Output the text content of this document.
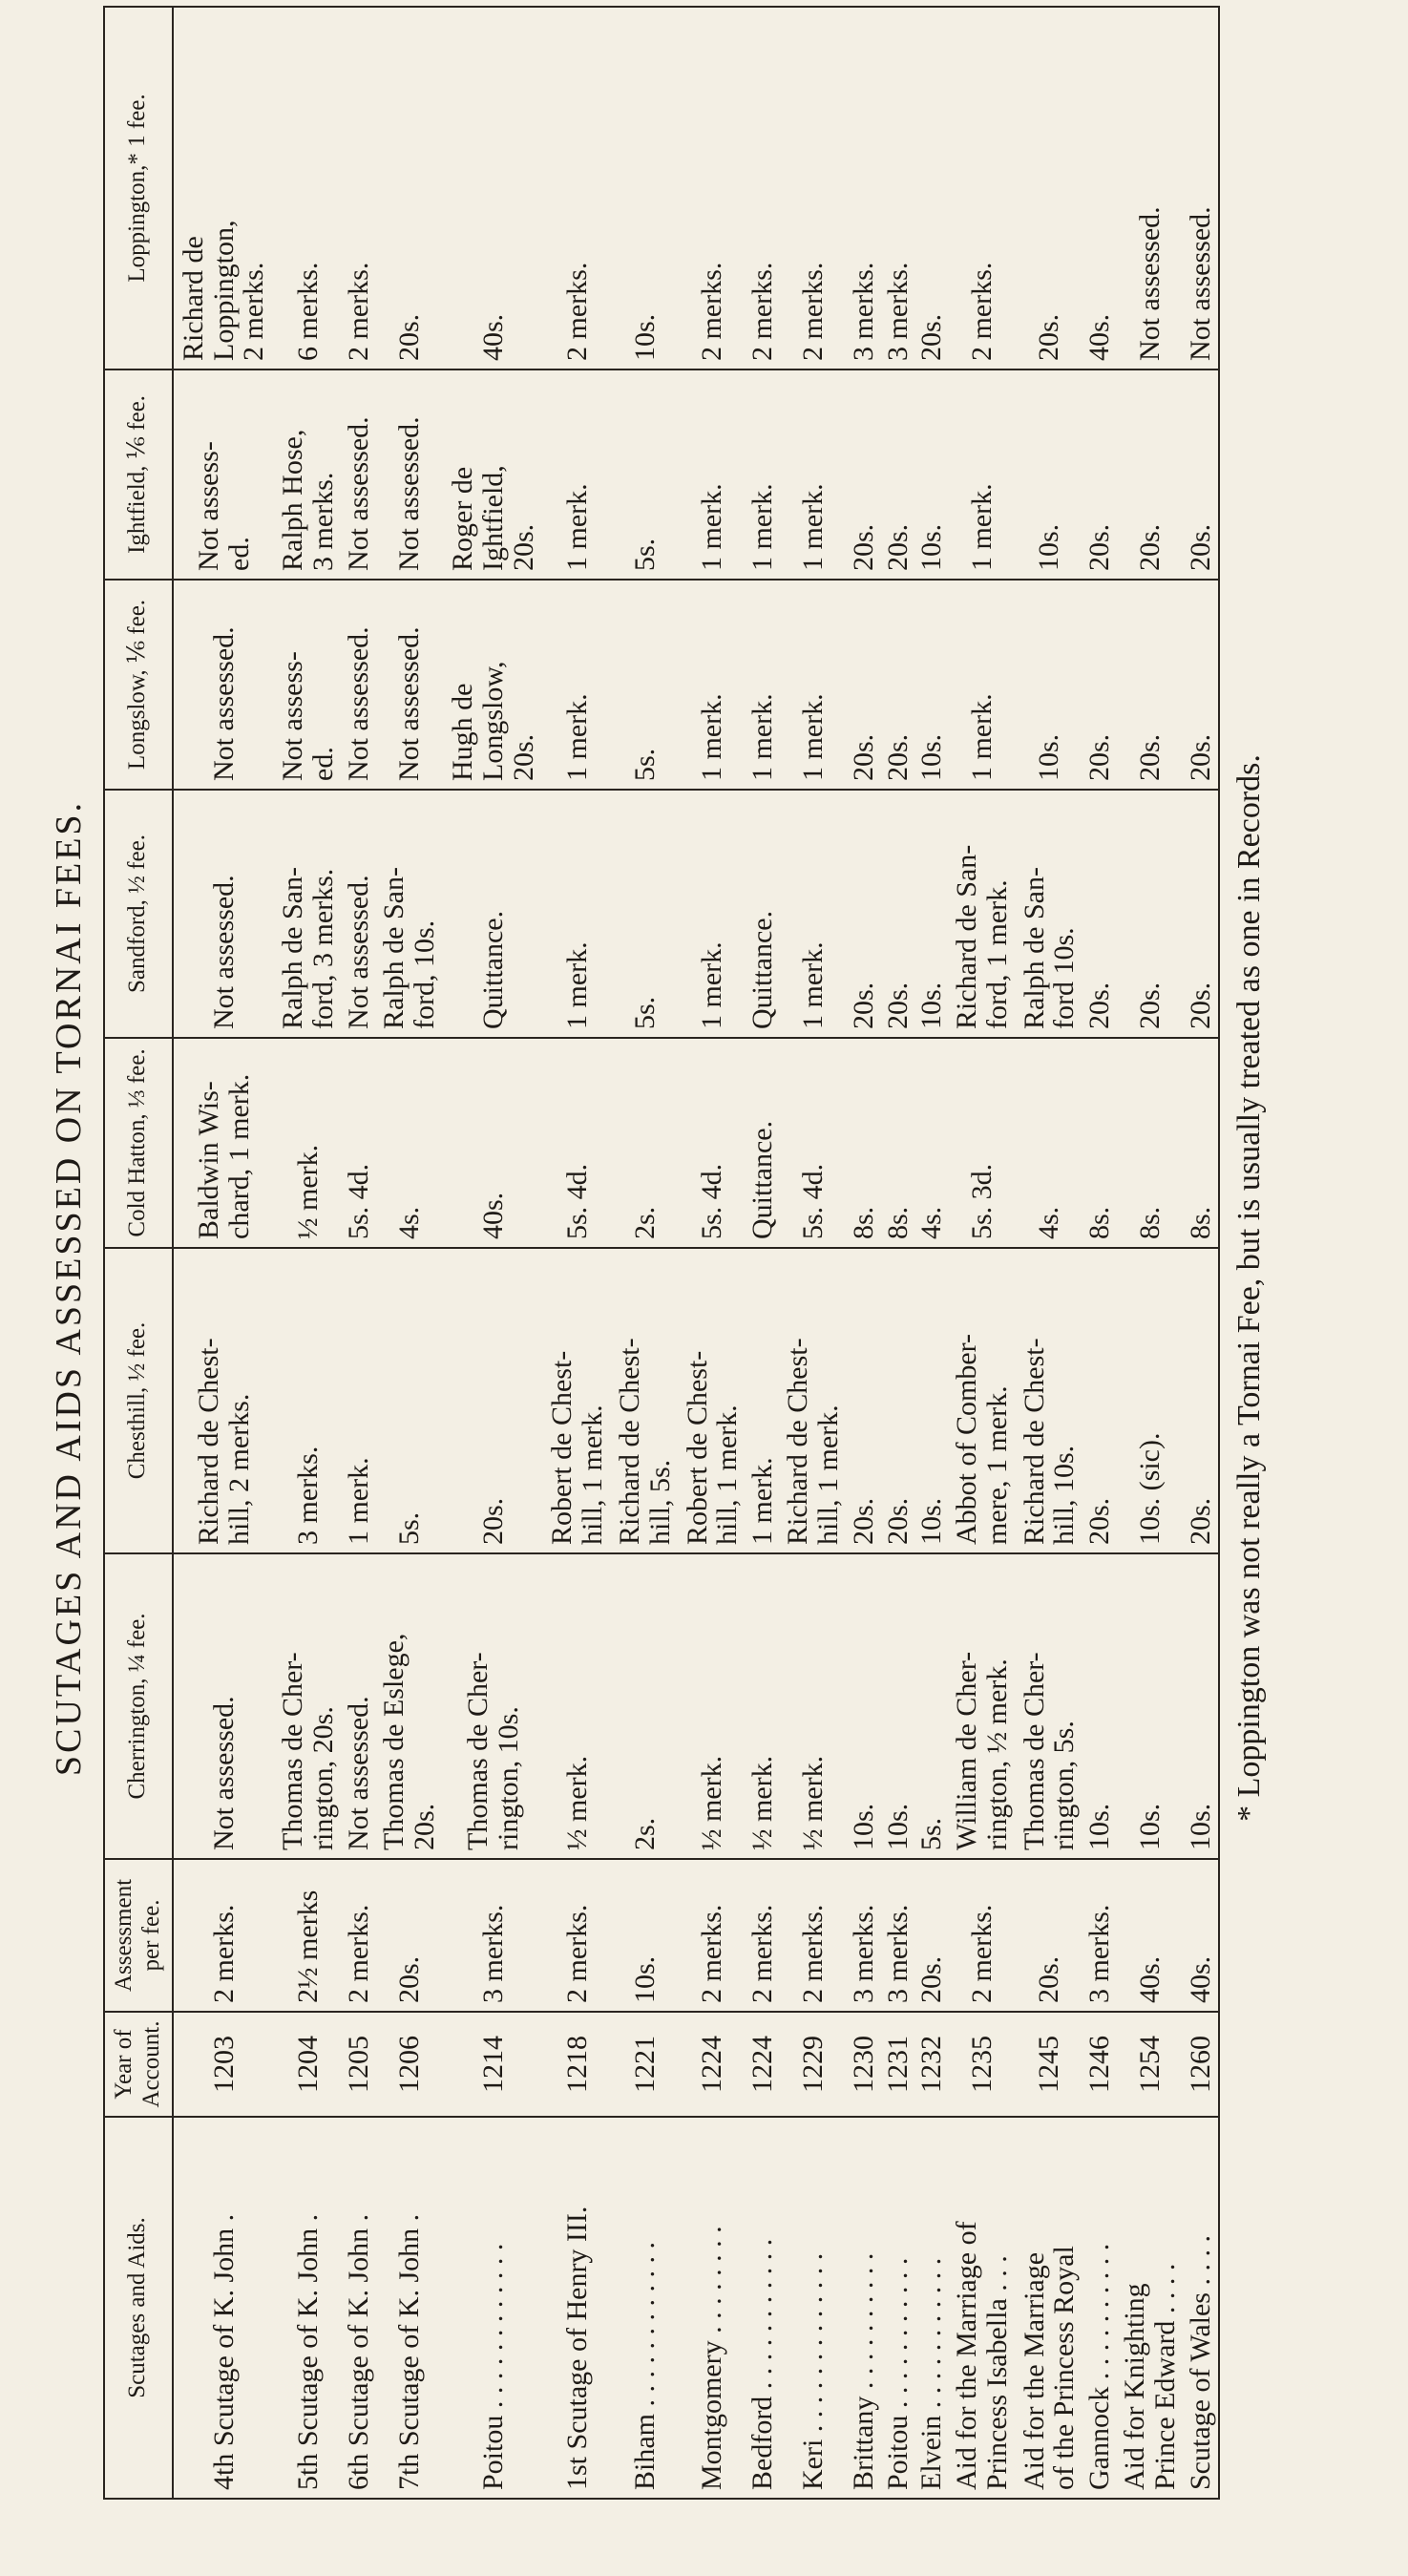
SCUTAGES AND AIDS ASSESSED ON TORNAI FEES.
Scutages and Aids.	Year of Account.	Assessment per fee.	Cherrington, ¼ fee.	Chesthill, ½ fee.	Cold Hatton, ⅓ fee.	Sandford, ½ fee.	Longslow, ⅙ fee.	Ightfield, ⅙ fee.	Loppington,* 1 fee.
4th Scutage of K. John .	1203	2 merks.	Not assessed.	Richard de Chest-
hill, 2 merks.	Baldwin Wis-
chard, 1 merk.	Not assessed.	Not assessed.	Not assess-
ed.	Richard de
Loppington,
2 merks.
5th Scutage of K. John .	1204	2½ merks	Thomas de Cher-
rington, 20s.	3 merks.	½ merk.	Ralph de San-
ford, 3 merks.	Not assess-
ed.	Ralph Hose,
3 merks.	6 merks.
6th Scutage of K. John .	1205	2 merks.	Not assessed.	1 merk.	5s. 4d.	Not assessed.	Not assessed.	Not assessed.	2 merks.
7th Scutage of K. John .	1206	20s.	Thomas de Eslege,
20s.	5s.	4s.	Ralph de San-
ford, 10s.	Not assessed.	Not assessed.	20s.
Poitou . . . . . . . . . . . .	1214	3 merks.	Thomas de Cher-
rington, 10s.	20s.	40s.	Quittance.	Hugh de
Longslow,
20s.	Roger de
Ightfield,
20s.	40s.
1st Scutage of Henry III.	1218	2 merks.	½ merk.	Robert de Chest-
hill, 1 merk.	5s. 4d.	1 merk.	1 merk.	1 merk.	2 merks.
Biham . . . . . . . . . . . .	1221	10s.	2s.	Richard de Chest-
hill, 5s.	2s.	5s.	5s.	5s.	10s.
Montgomery . . . . . . . .	1224	2 merks.	½ merk.	Robert de Chest-
hill, 1 merk.	5s. 4d.	1 merk.	1 merk.	1 merk.	2 merks.
Bedford . . . . . . . . . . .	1224	2 merks.	½ merk.	1 merk.	Quittance.	Quittance.	1 merk.	1 merk.	2 merks.
Keri . . . . . . . . . . . . .	1229	2 merks.	½ merk.	Richard de Chest-
hill, 1 merk.	5s. 4d.	1 merk.	1 merk.	1 merk.	2 merks.
Brittany . . . . . . . . . .	1230	3 merks.	10s.	20s.	8s.	20s.	20s.	20s.	3 merks.
Poitou . . . . . . . . . . .	1231	3 merks.	10s.	20s.	8s.	20s.	20s.	20s.	3 merks.
Elvein . . . . . . . . . . .	1232	20s.	5s.	10s.	4s.	10s.	10s.	10s.	20s.
Aid for the Marriage of
Princess Isabella . . .	1235	2 merks.	William de Cher-
rington, ½ merk.	Abbot of Comber-
mere, 1 merk.	5s. 3d.	Richard de San-
ford, 1 merk.	1 merk.	1 merk.	2 merks.
Aid for the Marriage
of the Princess Royal	1245	20s.	Thomas de Cher-
rington, 5s.	Richard de Chest-
hill, 10s.	4s.	Ralph de San-
ford 10s.	10s.	10s.	20s.
Gannock . . . . . . . . . .	1246	3 merks.	10s.	20s.	8s.	20s.	20s.	20s.	40s.
Aid for Knighting
Prince Edward . . . .	1254	40s.	10s.	10s. (sic).	8s.	20s.	20s.	20s.	Not assessed.
Scutage of Wales . . . .	1260	40s.	10s.	20s.	8s.	20s.	20s.	20s.	Not assessed.
* Loppington was not really a Tornai Fee, but is usually treated as one in Records.
